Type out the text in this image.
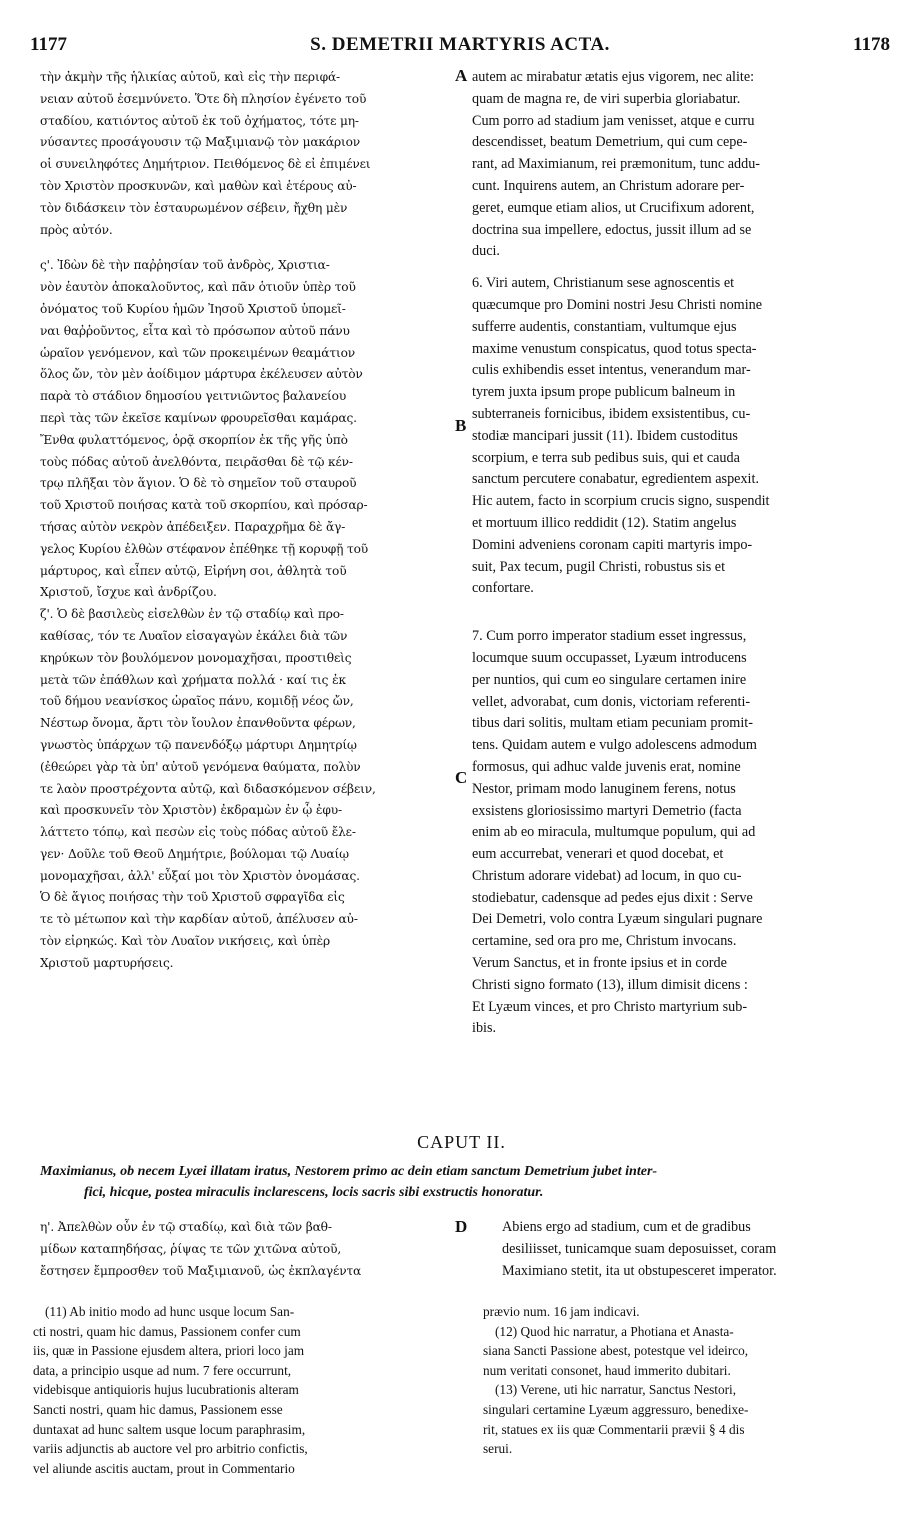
1177	S. DEMETRII MARTYRIS ACTA.	1178
A
B
C
D
τὴν ἀκμὴν τῆς ἡλικίας αὐτοῦ, καὶ εἰς τὴν περιφά-
νειαν αὐτοῦ ἐσεμνύνετο. Ὅτε δὴ πλησίον ἐγένετο τοῦ
σταδίου, κατιόντος αὐτοῦ ἐκ τοῦ ὀχήματος, τότε μη-
νύσαντες προσάγουσιν τῷ Μαξιμιανῷ τὸν μακάριον
οἱ συνειληφότες Δημήτριον. Πειθόμενος δὲ εἰ ἐπιμένει
τὸν Χριστὸν προσκυνῶν, καὶ μαθὼν καὶ ἑτέρους αὐ-
τὸν διδάσκειν τὸν ἐσταυρωμένον σέβειν, ἤχθη μὲν
πρὸς αὐτόν.
ς'. Ἰδὼν δὲ τὴν παῤῥησίαν τοῦ ἀνδρὸς, Χριστια-
νὸν ἑαυτὸν ἀποκαλοῦντος, καὶ πᾶν ὁτιοῦν ὑπὲρ τοῦ
ὀνόματος τοῦ Κυρίου ἡμῶν Ἰησοῦ Χριστοῦ ὑπομεῖ-
ναι θαῤῥοῦντος, εἶτα καὶ τὸ πρόσωπον αὐτοῦ πάνυ
ὡραῖον γενόμενον, καὶ τῶν προκειμένων θεαμάτιον
ὅλος ὤν, τὸν μὲν ἀοίδιμον μάρτυρα ἐκέλευσεν αὐτὸν
παρὰ τὸ στάδιον δημοσίου γειτνιῶντος βαλανείου
περὶ τὰς τῶν ἐκεῖσε καμίνων φρουρεῖσθαι καμάρας.
Ἔνθα φυλαττόμενος, ὁρᾷ σκορπίον ἐκ τῆς γῆς ὑπὸ
τοὺς πόδας αὐτοῦ ἀνελθόντα, πειρᾶσθαι δὲ τῷ κέν-
τρῳ πλῆξαι τὸν ἅγιον. Ὁ δὲ τὸ σημεῖον τοῦ σταυροῦ
τοῦ Χριστοῦ ποιήσας κατὰ τοῦ σκορπίου, καὶ πρόσαρ-
τήσας αὐτὸν νεκρὸν ἀπέδειξεν. Παραχρῆμα δὲ ἄγ-
γελος Κυρίου ἐλθὼν στέφανον ἐπέθηκε τῇ κορυφῇ τοῦ
μάρτυρος, καὶ εἶπεν αὐτῷ, Εἰρήνη σοι, ἀθλητὰ τοῦ
Χριστοῦ, ἴσχυε καὶ ἀνδρίζου.
ζ'. Ὁ δὲ βασιλεὺς εἰσελθὼν ἐν τῷ σταδίῳ καὶ προ-
καθίσας, τόν τε Λυαῖον εἰσαγαγὼν ἐκάλει διὰ τῶν
κηρύκων τὸν βουλόμενον μονομαχῆσαι, προστιθεὶς
μετὰ τῶν ἐπάθλων καὶ χρήματα πολλά · καί τις ἐκ
τοῦ δήμου νεανίσκος ὡραῖος πάνυ, κομιδῇ νέος ὤν,
Νέστωρ ὄνομα, ἄρτι τὸν ἴουλον ἐπανθοῦντα φέρων,
γνωστὸς ὑπάρχων τῷ πανενδόξῳ μάρτυρι Δημητρίῳ
(ἐθεώρει γὰρ τὰ ὑπ' αὐτοῦ γενόμενα θαύματα, πολὺν
τε λαὸν προστρέχοντα αὐτῷ, καὶ διδασκόμενον σέβειν,
καὶ προσκυνεῖν τὸν Χριστὸν) ἐκδραμὼν ἐν ᾧ ἐφυ-
λάττετο τόπῳ, καὶ πεσὼν εἰς τοὺς πόδας αὐτοῦ ἔλε-
γεν· Δοῦλε τοῦ Θεοῦ Δημήτριε, βούλομαι τῷ Λυαίῳ
μονομαχῆσαι, ἀλλ' εὖξαί μοι τὸν Χριστὸν ὀνομάσας.
Ὁ δὲ ἅγιος ποιήσας τὴν τοῦ Χριστοῦ σφραγῖδα εἰς
τε τὸ μέτωπον καὶ τὴν καρδίαν αὐτοῦ, ἀπέλυσεν αὐ-
τὸν εἰρηκώς. Καὶ τὸν Λυαῖον νικήσεις, καὶ ὑπὲρ
Χριστοῦ μαρτυρήσεις.
autem ac mirabatur ætatis ejus vigorem, nec alite:
quam de magna re, de viri superbia gloriabatur.
Cum porro ad stadium jam venisset, atque e curru
descendisset, beatum Demetrium, qui cum cepe-
rant, ad Maximianum, rei præmonitum, tunc addu-
cunt. Inquirens autem, an Christum adorare per-
geret, eumque etiam alios, ut Crucifixum adorent,
doctrina sua impellere, edoctus, jussit illum ad se
duci.
6. Viri autem, Christianum sese agnoscentis et
quæcumque pro Domini nostri Jesu Christi nomine
sufferre audentis, constantiam, vultumque ejus
maxime venustum conspicatus, quod totus specta-
culis exhibendis esset intentus, venerandum mar-
tyrem juxta ipsum prope publicum balneum in
subterraneis fornicibus, ibidem exsistentibus, cu-
stodiæ mancipari jussit (11). Ibidem custoditus
scorpium, e terra sub pedibus suis, qui et cauda
sanctum percutere conabatur, egredientem aspexit.
Hic autem, facto in scorpium crucis signo, suspendit
et mortuum illico reddidit (12). Statim angelus
Domini adveniens coronam capiti martyris impo-
suit, Pax tecum, pugil Christi, robustus sis et
confortare.
7. Cum porro imperator stadium esset ingressus,
locumque suum occupasset, Lyæum introducens
per nuntios, qui cum eo singulare certamen inire
vellet, advorabat, cum donis, victoriam referenti-
tibus dari solitis, multam etiam pecuniam promit-
tens. Quidam autem e vulgo adolescens admodum
formosus, qui adhuc valde juvenis erat, nomine
Nestor, primam modo lanuginem ferens, notus
exsistens gloriosissimo martyri Demetrio (facta
enim ab eo miracula, multumque populum, qui ad
eum accurrebat, venerari et quod docebat, et
Christum adorare videbat) ad locum, in quo cu-
stodiebatur, cadensque ad pedes ejus dixit : Serve
Dei Demetri, volo contra Lyæum singulari pugnare
certamine, sed ora pro me, Christum invocans.
Verum Sanctus, et in fronte ipsius et in corde
Christi signo formato (13), illum dimisit dicens :
Et Lyæum vinces, et pro Christo martyrium sub-
ibis.
CAPUT II.
Maximianus, ob necem Lyæi illatam iratus, Nestorem primo ac dein etiam sanctum Demetrium jubet inter-
fici, hicque, postea miraculis inclarescens, locis sacris sibi exstructis honoratur.
η'. Ἀπελθὼν οὖν ἐν τῷ σταδίῳ, καὶ διὰ τῶν βαθ-
μίδων καταπηδήσας, ῥίψας τε τῶν χιτῶνα αὐτοῦ,
ἔστησεν ἔμπροσθεν τοῦ Μαξιμιανοῦ, ὡς ἐκπλαγέντα
Abiens ergo ad stadium, cum et de gradibus
desiliisset, tunicamque suam deposuisset, coram
Maximiano stetit, ita ut obstupesceret imperator.
(11) Ab initio modo ad hunc usque locum San-
cti nostri, quam hic damus, Passionem confer cum
iis, quæ in Passione ejusdem altera, priori loco jam
data, a principio usque ad num. 7 fere occurrunt,
videbisque antiquioris hujus lucubrationis alteram
Sancti nostri, quam hic damus, Passionem esse
duntaxat ad hunc saltem usque locum paraphrasim,
variis adjunctis ab auctore vel pro arbitrio confictis,
vel aliunde ascitis auctam, prout in Commentario
prævio num. 16 jam indicavi.
(12) Quod hic narratur, a Photiana et Anasta-
siana Sancti Passione abest, potestque vel ideirco,
num veritati consonet, haud immerito dubitari.
(13) Verene, uti hic narratur, Sanctus Nestori,
singulari certamine Lyæum aggressuro, benedixe-
rit, statues ex iis quæ Commentarii prævii § 4 dis
serui.
